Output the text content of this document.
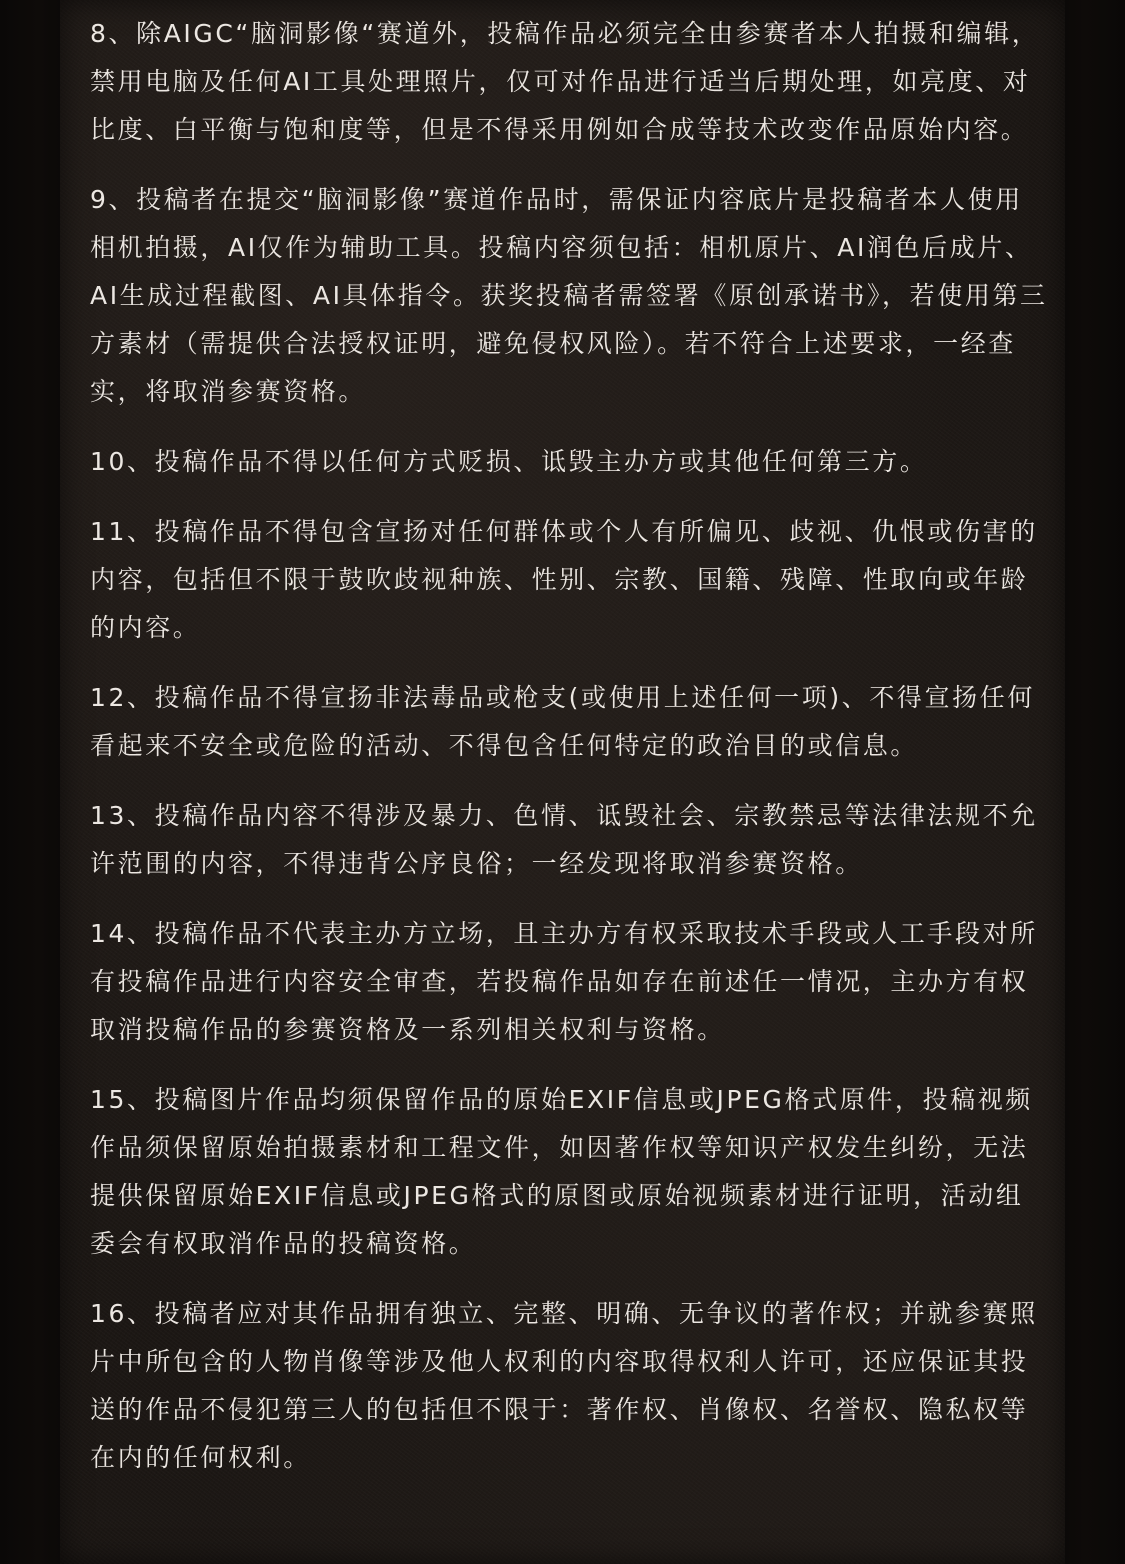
8、除AIGC“脑洞影像“赛道外，投稿作品必须完全由参赛者本人拍摄和编辑，禁用电脑及任何AI工具处理照片，仅可对作品进行适当后期处理，如亮度、对比度、白平衡与饱和度等，但是不得采用例如合成等技术改变作品原始内容。

9、投稿者在提交“脑洞影像”赛道作品时，需保证内容底片是投稿者本人使用相机拍摄，AI仅作为辅助工具。投稿内容须包括：相机原片、AI润色后成片、AI生成过程截图、AI具体指令。获奖投稿者需签署《原创承诺书》，若使用第三方素材（需提供合法授权证明，避免侵权风险）。若不符合上述要求，一经查实，将取消参赛资格。

10、投稿作品不得以任何方式贬损、诋毁主办方或其他任何第三方。

11、投稿作品不得包含宣扬对任何群体或个人有所偏见、歧视、仇恨或伤害的内容，包括但不限于鼓吹歧视种族、性别、宗教、国籍、残障、性取向或年龄的内容。

12、投稿作品不得宣扬非法毒品或枪支(或使用上述任何一项)、不得宣扬任何看起来不安全或危险的活动、不得包含任何特定的政治目的或信息。

13、投稿作品内容不得涉及暴力、色情、诋毁社会、宗教禁忌等法律法规不允许范围的内容，不得违背公序良俗；一经发现将取消参赛资格。

14、投稿作品不代表主办方立场，且主办方有权采取技术手段或人工手段对所有投稿作品进行内容安全审查，若投稿作品如存在前述任一情况，主办方有权取消投稿作品的参赛资格及一系列相关权利与资格。

15、投稿图片作品均须保留作品的原始EXIF信息或JPEG格式原件，投稿视频作品须保留原始拍摄素材和工程文件，如因著作权等知识产权发生纠纷，无法提供保留原始EXIF信息或JPEG格式的原图或原始视频素材进行证明，活动组委会有权取消作品的投稿资格。

16、投稿者应对其作品拥有独立、完整、明确、无争议的著作权；并就参赛照片中所包含的人物肖像等涉及他人权利的内容取得权利人许可，还应保证其投送的作品不侵犯第三人的包括但不限于：著作权、肖像权、名誉权、隐私权等在内的任何权利。
